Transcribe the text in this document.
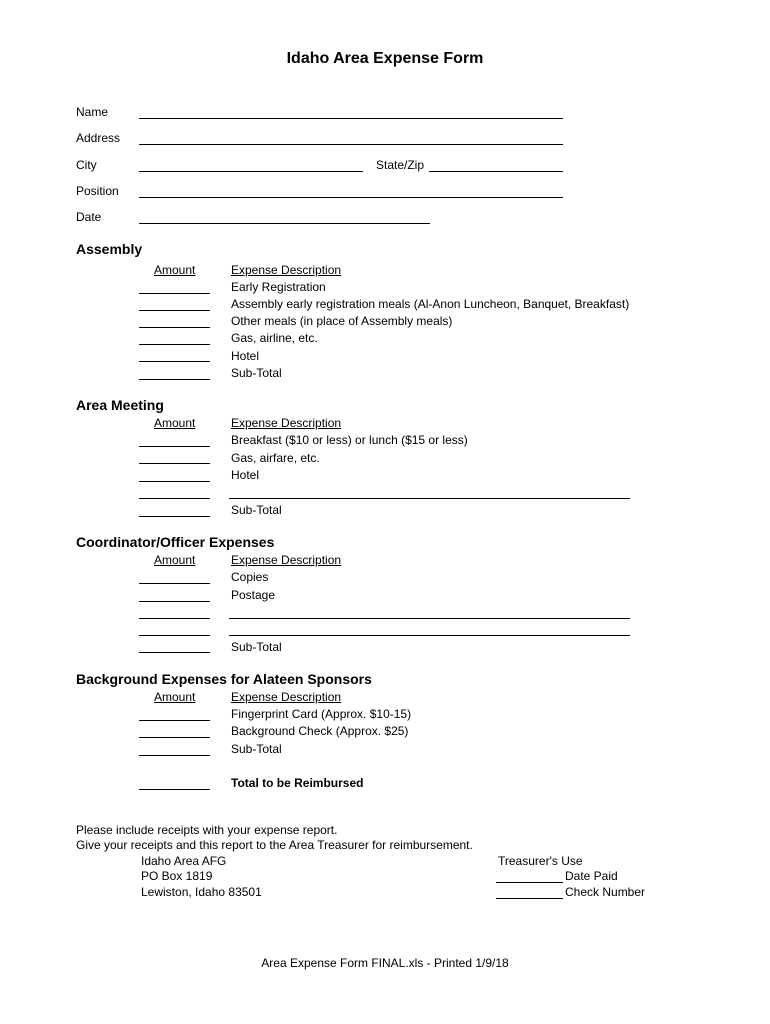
Idaho Area Expense Form
Name
Address
City	State/Zip
Position
Date
Assembly
Amount	Expense Description
Early Registration
Assembly early registration meals (Al-Anon Luncheon, Banquet, Breakfast)
Other meals (in place of Assembly meals)
Gas, airline, etc.
Hotel
Sub-Total
Area Meeting
Amount	Expense Description
Breakfast ($10 or less) or lunch ($15 or less)
Gas, airfare, etc.
Hotel
Sub-Total
Coordinator/Officer Expenses
Amount	Expense Description
Copies
Postage
Sub-Total
Background Expenses for Alateen Sponsors
Amount	Expense Description
Fingerprint Card (Approx. $10-15)
Background Check (Approx. $25)
Sub-Total
Total to be Reimbursed
Please include receipts with your expense report.
Give your receipts and this report to the Area Treasurer for reimbursement.
Idaho Area AFG
PO Box 1819
Lewiston, Idaho 83501
Treasurer's Use
Date Paid
Check Number
Area Expense Form FINAL.xls - Printed 1/9/18
